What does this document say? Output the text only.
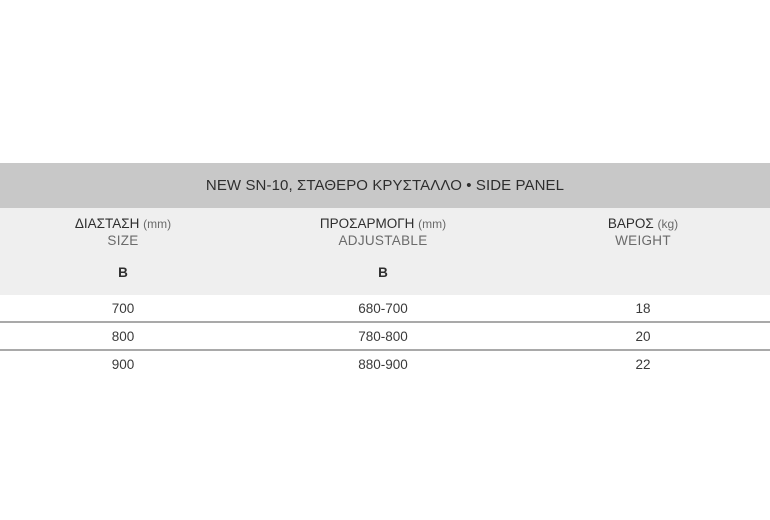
NEW SN-10, ΣΤΑΘΕΡΟ ΚΡΥΣΤΑΛΛΟ • SIDE PANEL
ΔΙΑΣΤΑΣΗ (mm)
SIZE
B
ΠΡΟΣΑΡΜΟΓΗ (mm)
ADJUSTABLE
B
ΒΑΡΟΣ (kg)
WEIGHT
700	680-700	18
800	780-800	20
900	880-900	22
